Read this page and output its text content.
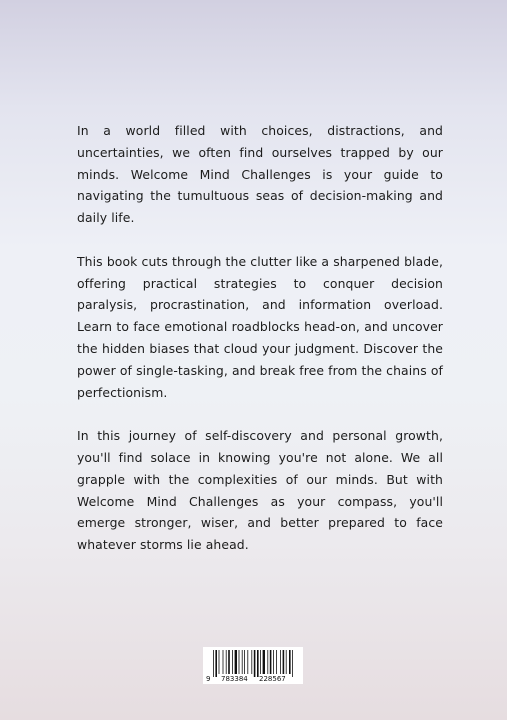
In a world filled with choices, distractions, and uncertainties, we often find ourselves trapped by our minds. Welcome Mind Challenges is your guide to navigating the tumultuous seas of decision-making and daily life.

This book cuts through the clutter like a sharpened blade, offering practical strategies to conquer decision paralysis, procrastination, and information overload. Learn to face emotional roadblocks head-on, and uncover the hidden biases that cloud your judgment. Discover the power of single-tasking, and break free from the chains of perfectionism.

In this journey of self-discovery and personal growth, you'll find solace in knowing you're not alone. We all grapple with the complexities of our minds. But with Welcome Mind Challenges as your compass, you'll emerge stronger, wiser, and better prepared to face whatever storms lie ahead.

9 783384 228567
